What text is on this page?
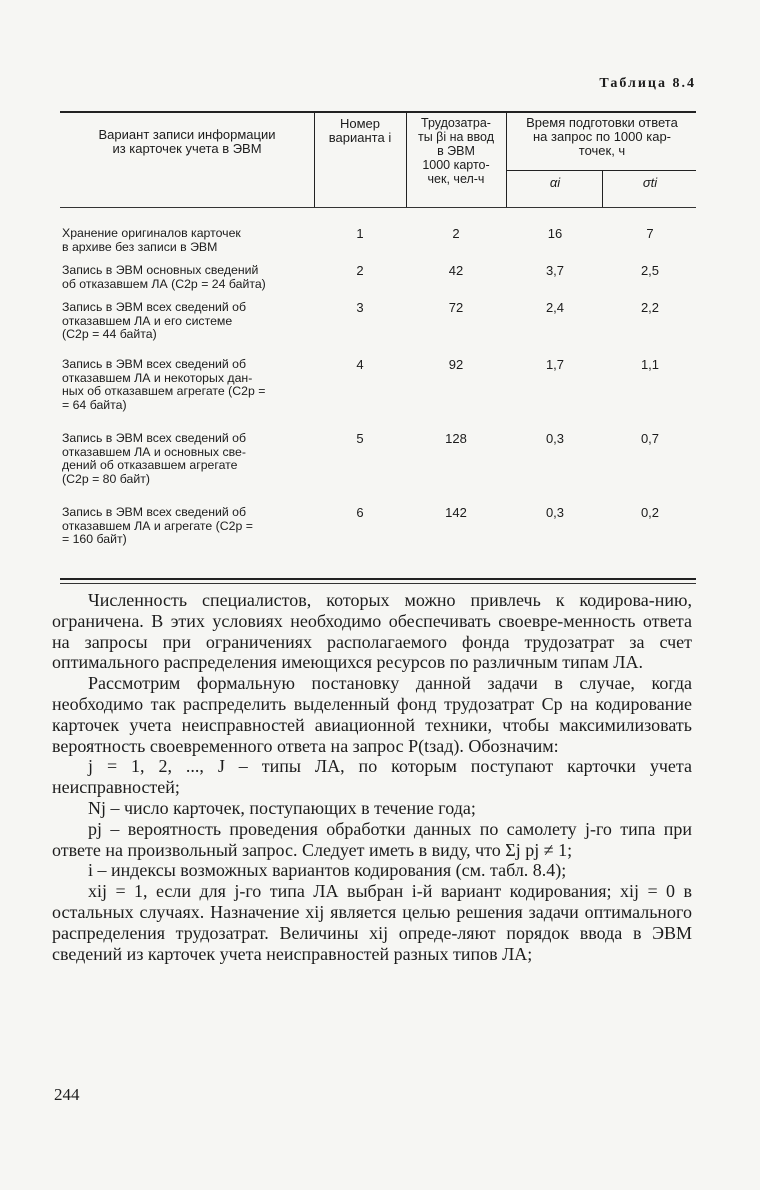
Таблица 8.4
Вариант записи информации
из карточек учета в ЭВМ
Номер
варианта i
Трудозатра-
ты βi на ввод
в ЭВМ
1000 карто-
чек, чел-ч
Время подготовки ответа
на запрос по 1000 кар-
точек, ч
αi	σti
Хранение оригиналов карточек
в архиве без записи в ЭВМ
1	2	16	7
Запись в ЭВМ основных сведений
об отказавшем ЛА (C2p = 24 байта)
2	42	3,7	2,5
Запись в ЭВМ всех сведений об
отказавшем ЛА и его системе
(C2p = 44 байта)
3	72	2,4	2,2
Запись в ЭВМ всех сведений об
отказавшем ЛА и некоторых дан-
ных об отказавшем агрегате (C2p =
= 64 байта)
4	92	1,7	1,1
Запись в ЭВМ всех сведений об
отказавшем ЛА и основных све-
дений об отказавшем агрегате
(C2p = 80 байт)
5	128	0,3	0,7
Запись в ЭВМ всех сведений об
отказавшем ЛА и агрегате (C2p =
= 160 байт)
6	142	0,3	0,2

Численность специалистов, которых можно привлечь к кодирова-нию, ограничена. В этих условиях необходимо обеспечивать своевре-менность ответа на запросы при ограничениях располагаемого фонда трудозатрат за счет оптимального распределения имеющихся ресурсов по различным типам ЛА.

Рассмотрим формальную постановку данной задачи в случае, когда необходимо так распределить выделенный фонд трудозатрат Cp на кодирование карточек учета неисправностей авиационной техники, чтобы максимилизовать вероятность своевременного ответа на запрос P(tзад). Обозначим:

j = 1, 2, ..., J – типы ЛА, по которым поступают карточки учета неисправностей;

Nj – число карточек, поступающих в течение года;

pj – вероятность проведения обработки данных по самолету j-го типа при ответе на произвольный запрос. Следует иметь в виду, что Σj pj ≠ 1;

i – индексы возможных вариантов кодирования (см. табл. 8.4);

xij = 1, если для j-го типа ЛА выбран i-й вариант кодирования; xij = 0 в остальных случаях. Назначение xij является целью решения задачи оптимального распределения трудозатрат. Величины xij опреде-ляют порядок ввода в ЭВМ сведений из карточек учета неисправностей разных типов ЛА;

244
